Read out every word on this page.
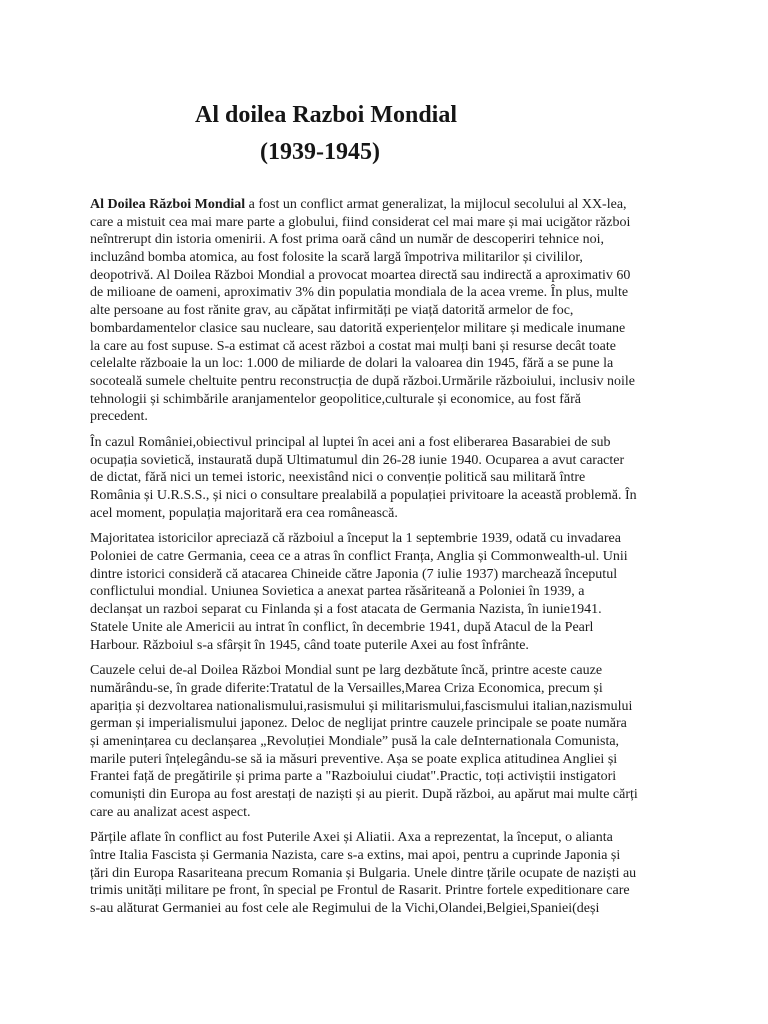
Al doilea Razboi Mondial
(1939-1945)
Al Doilea Război Mondial a fost un conflict armat generalizat, la mijlocul secolului al XX-lea,
care a mistuit cea mai mare parte a globului, fiind considerat cel mai mare și mai ucigător război
neîntrerupt din istoria omenirii. A fost prima oară când un număr de descoperiri tehnice noi,
incluzând bomba atomica, au fost folosite la scară largă împotriva militarilor și civililor,
deopotrivă. Al Doilea Război Mondial a provocat moartea directă sau indirectă a aproximativ 60
de milioane de oameni, aproximativ 3% din populatia mondiala de la acea vreme. În plus, multe
alte persoane au fost rănite grav, au căpătat infirmități pe viață datorită armelor de foc,
bombardamentelor clasice sau nucleare, sau datorită experiențelor militare și medicale inumane
la care au fost supuse. S-a estimat că acest război a costat mai mulți bani și resurse decât toate
celelalte războaie la un loc: 1.000 de miliarde de dolari la valoarea din 1945, fără a se pune la
socoteală sumele cheltuite pentru reconstrucția de după război.Urmările războiului, inclusiv noile
tehnologii și schimbările aranjamentelor geopolitice,culturale și economice, au fost fără
precedent.
În cazul României,obiectivul principal al luptei în acei ani a fost eliberarea Basarabiei de sub
ocupația sovietică, instaurată după Ultimatumul din 26-28 iunie 1940. Ocuparea a avut caracter
de dictat, fără nici un temei istoric, neexistând nici o convenție politică sau militară între
România și U.R.S.S., și nici o consultare prealabilă a populației privitoare la această problemă. În
acel moment, populația majoritară era cea românească.
Majoritatea istoricilor apreciază că războiul a început la 1 septembrie 1939, odată cu invadarea
Poloniei de catre Germania, ceea ce a atras în conflict Franța, Anglia și Commonwealth-ul. Unii
dintre istorici consideră că atacarea Chineide către Japonia (7 iulie 1937) marchează începutul
conflictului mondial. Uniunea Sovietica a anexat partea răsăriteană a Poloniei în 1939, a
declanșat un razboi separat cu Finlanda și a fost atacata de Germania Nazista, în iunie1941.
Statele Unite ale Americii au intrat în conflict, în decembrie 1941, după Atacul de la Pearl
Harbour. Războiul s-a sfârșit în 1945, când toate puterile Axei au fost înfrânte.
Cauzele celui de-al Doilea Război Mondial sunt pe larg dezbătute încă, printre aceste cauze
numărându-se, în grade diferite:Tratatul de la Versailles,Marea Criza Economica, precum și
apariția și dezvoltarea nationalismului,rasismului și militarismului,fascismului italian,nazismului
german și imperialismului japonez. Deloc de neglijat printre cauzele principale se poate număra
și amenințarea cu declanșarea „Revoluției Mondiale” pusă la cale deInternationala Comunista,
marile puteri înțelegându-se să ia măsuri preventive. Așa se poate explica atitudinea Angliei și
Frantei față de pregătirile și prima parte a "Razboiului ciudat".Practic, toți activiștii instigatori
comuniști din Europa au fost arestați de naziști și au pierit. După război, au apărut mai multe cărți
care au analizat acest aspect.
Părțile aflate în conflict au fost Puterile Axei și Aliatii. Axa a reprezentat, la început, o alianta
între Italia Fascista și Germania Nazista, care s-a extins, mai apoi, pentru a cuprinde Japonia și
țări din Europa Rasariteana precum Romania și Bulgaria. Unele dintre țările ocupate de naziști au
trimis unități militare pe front, în special pe Frontul de Rasarit. Printre fortele expeditionare care
s-au alăturat Germaniei au fost cele ale Regimului de la Vichi,Olandei,Belgiei,Spaniei(deși
